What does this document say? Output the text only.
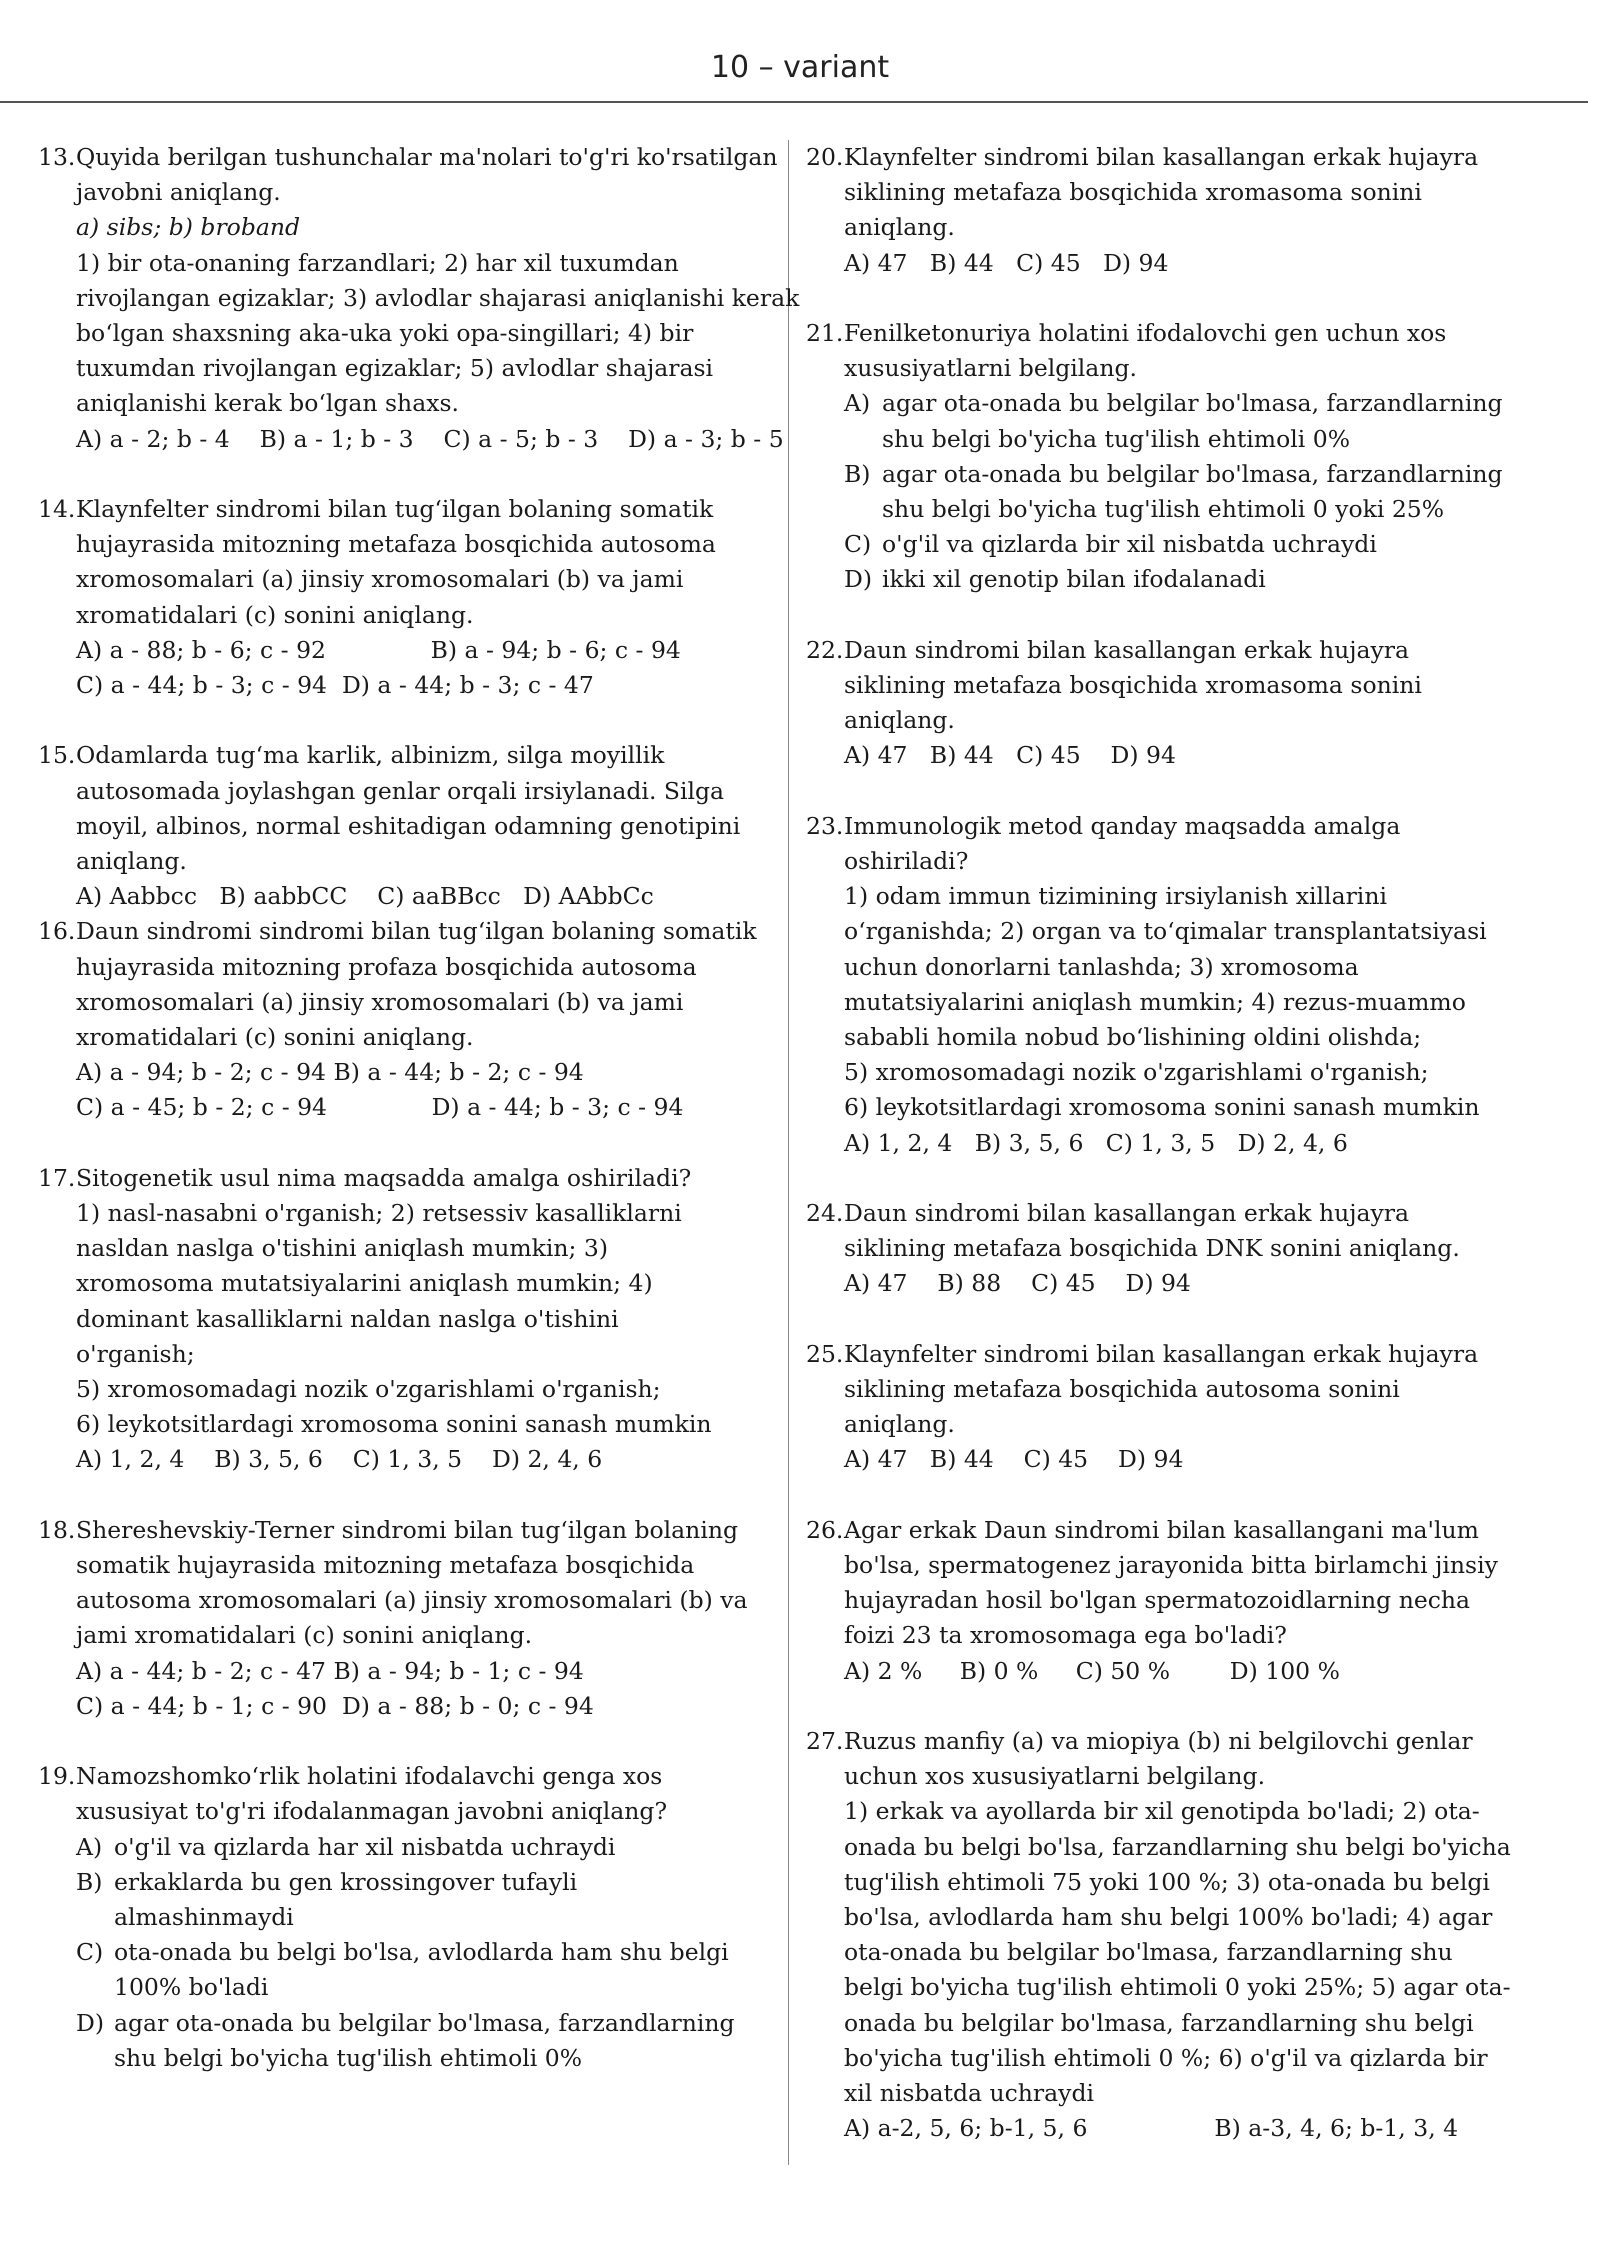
10 – variant
13. Quyida berilgan tushunchalar ma'nolari to'g'ri ko'rsatilgan
javobni aniqlang.
a) sibs; b) broband
1) bir ota-onaning farzandlari; 2) har xil tuxumdan
rivojlangan egizaklar; 3) avlodlar shajarasi aniqlanishi kerak
bo‘lgan shaxsning aka-uka yoki opa-singillari; 4) bir
tuxumdan rivojlangan egizaklar; 5) avlodlar shajarasi
aniqlanishi kerak bo‘lgan shaxs.
A) a - 2; b - 4    B) a - 1; b - 3    C) a - 5; b - 3    D) a - 3; b - 5
14. Klaynfelter sindromi bilan tug‘ilgan bolaning somatik
hujayrasida mitozning metafaza bosqichida autosoma
xromosomalari (a) jinsiy xromosomalari (b) va jami
xromatidalari (c) sonini aniqlang.
A) a - 88; b - 6; c - 92              B) a - 94; b - 6; c - 94
C) a - 44; b - 3; c - 94  D) a - 44; b - 3; c - 47
15. Odamlarda tug‘ma karlik, albinizm, silga moyillik
autosomada joylashgan genlar orqali irsiylanadi. Silga
moyil, albinos, normal eshitadigan odamning genotipini
aniqlang.
A) Aabbcc   B) aabbCC    C) aaBBcc   D) AAbbCc
16. Daun sindromi sindromi bilan tug‘ilgan bolaning somatik
hujayrasida mitozning profaza bosqichida autosoma
xromosomalari (a) jinsiy xromosomalari (b) va jami
xromatidalari (c) sonini aniqlang.
A) a - 94; b - 2; c - 94 B) a - 44; b - 2; c - 94
C) a - 45; b - 2; c - 94              D) a - 44; b - 3; c - 94
17. Sitogenetik usul nima maqsadda amalga oshiriladi?
1) nasl-nasabni o'rganish; 2) retsessiv kasalliklarni
nasldan naslga o'tishini aniqlash mumkin; 3)
xromosoma mutatsiyalarini aniqlash mumkin; 4)
dominant kasalliklarni naldan naslga o'tishini
o'rganish;
5) xromosomadagi nozik o'zgarishlami o'rganish;
6) leykotsitlardagi xromosoma sonini sanash mumkin
A) 1, 2, 4    B) 3, 5, 6    C) 1, 3, 5    D) 2, 4, 6
18. Shereshevskiy-Terner sindromi bilan tug‘ilgan bolaning
somatik hujayrasida mitozning metafaza bosqichida
autosoma xromosomalari (a) jinsiy xromosomalari (b) va
jami xromatidalari (c) sonini aniqlang.
A) a - 44; b - 2; c - 47 B) a - 94; b - 1; c - 94
C) a - 44; b - 1; c - 90  D) a - 88; b - 0; c - 94
19. Namozshomko‘rlik holatini ifodalavchi genga xos
xususiyat to'g'ri ifodalanmagan javobni aniqlang?
A) o'g'il va qizlarda har xil nisbatda uchraydi
B) erkaklarda bu gen krossingover tufayli
almashinmaydi
C) ota-onada bu belgi bo'lsa, avlodlarda ham shu belgi
100% bo'ladi
D) agar ota-onada bu belgilar bo'lmasa, farzandlarning
shu belgi bo'yicha tug'ilish ehtimoli 0%
20. Klaynfelter sindromi bilan kasallangan erkak hujayra
siklining metafaza bosqichida xromasoma sonini
aniqlang.
A) 47   B) 44   C) 45   D) 94
21. Fenilketonuriya holatini ifodalovchi gen uchun xos
xususiyatlarni belgilang.
A) agar ota-onada bu belgilar bo'lmasa, farzandlarning
shu belgi bo'yicha tug'ilish ehtimoli 0%
B) agar ota-onada bu belgilar bo'lmasa, farzandlarning
shu belgi bo'yicha tug'ilish ehtimoli 0 yoki 25%
C) o'g'il va qizlarda bir xil nisbatda uchraydi
D) ikki xil genotip bilan ifodalanadi
22. Daun sindromi bilan kasallangan erkak hujayra
siklining metafaza bosqichida xromasoma sonini
aniqlang.
A) 47   B) 44   C) 45    D) 94
23. Immunologik metod qanday maqsadda amalga
oshiriladi?
1) odam immun tizimining irsiylanish xillarini
o‘rganishda; 2) organ va to‘qimalar transplantatsiyasi
uchun donorlarni tanlashda; 3) xromosoma
mutatsiyalarini aniqlash mumkin; 4) rezus-muammo
sababli homila nobud bo‘lishining oldini olishda;
5) xromosomadagi nozik o'zgarishlami o'rganish;
6) leykotsitlardagi xromosoma sonini sanash mumkin
A) 1, 2, 4   B) 3, 5, 6   C) 1, 3, 5   D) 2, 4, 6
24. Daun sindromi bilan kasallangan erkak hujayra
siklining metafaza bosqichida DNK sonini aniqlang.
A) 47    B) 88    C) 45    D) 94
25. Klaynfelter sindromi bilan kasallangan erkak hujayra
siklining metafaza bosqichida autosoma sonini
aniqlang.
A) 47   B) 44    C) 45    D) 94
26. Agar erkak Daun sindromi bilan kasallangani ma'lum
bo'lsa, spermatogenez jarayonida bitta birlamchi jinsiy
hujayradan hosil bo'lgan spermatozoidlarning necha
foizi 23 ta xromosomaga ega bo'ladi?
A) 2 %     B) 0 %     C) 50 %        D) 100 %
27. Ruzus manfiy (a) va miopiya (b) ni belgilovchi genlar
uchun xos xususiyatlarni belgilang.
1) erkak va ayollarda bir xil genotipda bo'ladi; 2) ota-
onada bu belgi bo'lsa, farzandlarning shu belgi bo'yicha
tug'ilish ehtimoli 75 yoki 100 %; 3) ota-onada bu belgi
bo'lsa, avlodlarda ham shu belgi 100% bo'ladi; 4) agar
ota-onada bu belgilar bo'lmasa, farzandlarning shu
belgi bo'yicha tug'ilish ehtimoli 0 yoki 25%; 5) agar ota-
onada bu belgilar bo'lmasa, farzandlarning shu belgi
bo'yicha tug'ilish ehtimoli 0 %; 6) o'g'il va qizlarda bir
xil nisbatda uchraydi
A) a-2, 5, 6; b-1, 5, 6                 B) a-3, 4, 6; b-1, 3, 4
